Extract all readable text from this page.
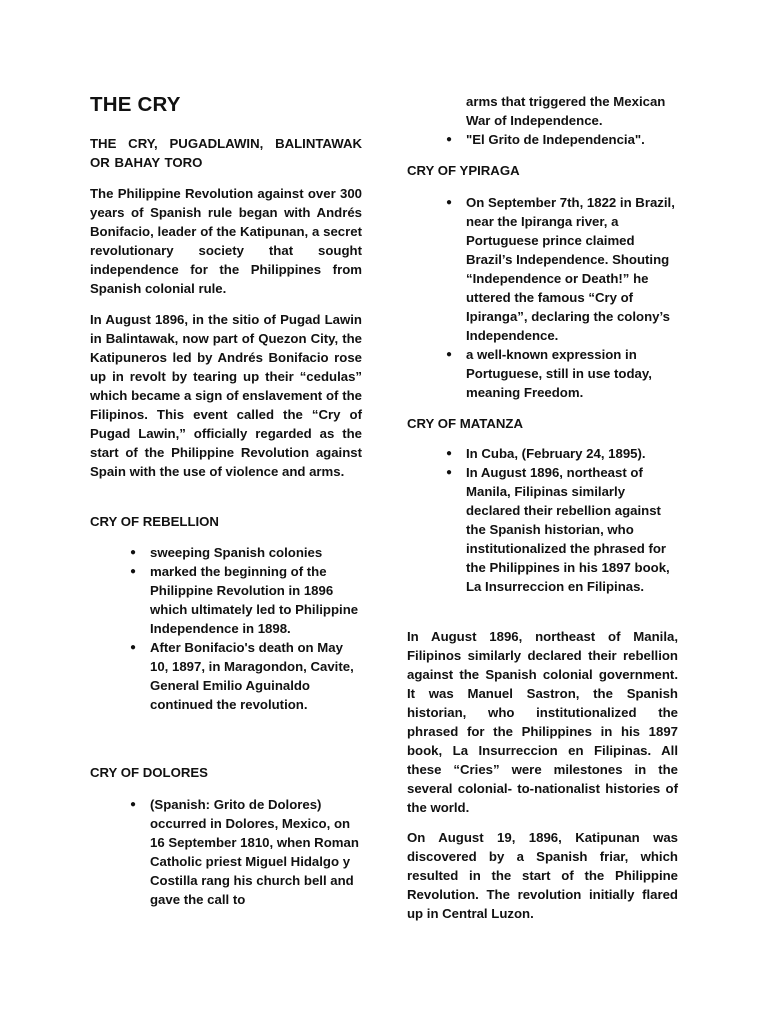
THE CRY

THE CRY, PUGADLAWIN, BALINTAWAK OR BAHAY TORO

The Philippine Revolution against over 300 years of Spanish rule began with Andrés Bonifacio, leader of the Katipunan, a secret revolutionary society that sought independence for the Philippines from Spanish colonial rule.

In August 1896, in the sitio of Pugad Lawin in Balintawak, now part of Quezon City, the Katipuneros led by Andrés Bonifacio rose up in revolt by tearing up their “cedulas” which became a sign of enslavement of the Filipinos. This event called the “Cry of Pugad Lawin,” officially regarded as the start of the Philippine Revolution against Spain with the use of violence and arms.

CRY OF REBELLION

● sweeping Spanish colonies
● marked the beginning of the Philippine Revolution in 1896 which ultimately led to Philippine Independence in 1898.
● After Bonifacio's death on May 10, 1897, in Maragondon, Cavite, General Emilio Aguinaldo continued the revolution.

CRY OF DOLORES

● (Spanish: Grito de Dolores) occurred in Dolores, Mexico, on 16 September 1810, when Roman Catholic priest Miguel Hidalgo y Costilla rang his church bell and gave the call to

arms that triggered the Mexican War of Independence.

● "El Grito de Independencia".

CRY OF YPIRAGA

● On September 7th, 1822 in Brazil, near the Ipiranga river, a Portuguese prince claimed Brazil’s Independence. Shouting “Independence or Death!” he uttered the famous “Cry of Ipiranga”, declaring the colony’s Independence.
● a well-known expression in Portuguese, still in use today, meaning Freedom.

CRY OF MATANZA

● In Cuba, (February 24, 1895).
● In August 1896, northeast of Manila, Filipinas similarly declared their rebellion against the Spanish historian, who institutionalized the phrased for the Philippines in his 1897 book, La Insurreccion en Filipinas.

In August 1896, northeast of Manila, Filipinos similarly declared their rebellion against the Spanish colonial government. It was Manuel Sastron, the Spanish historian, who institutionalized the phrased for the Philippines in his 1897 book, La Insurreccion en Filipinas. All these “Cries” were milestones in the several colonial- to-nationalist histories of the world.

On August 19, 1896, Katipunan was discovered by a Spanish friar, which resulted in the start of the Philippine Revolution. The revolution initially flared up in Central Luzon.
